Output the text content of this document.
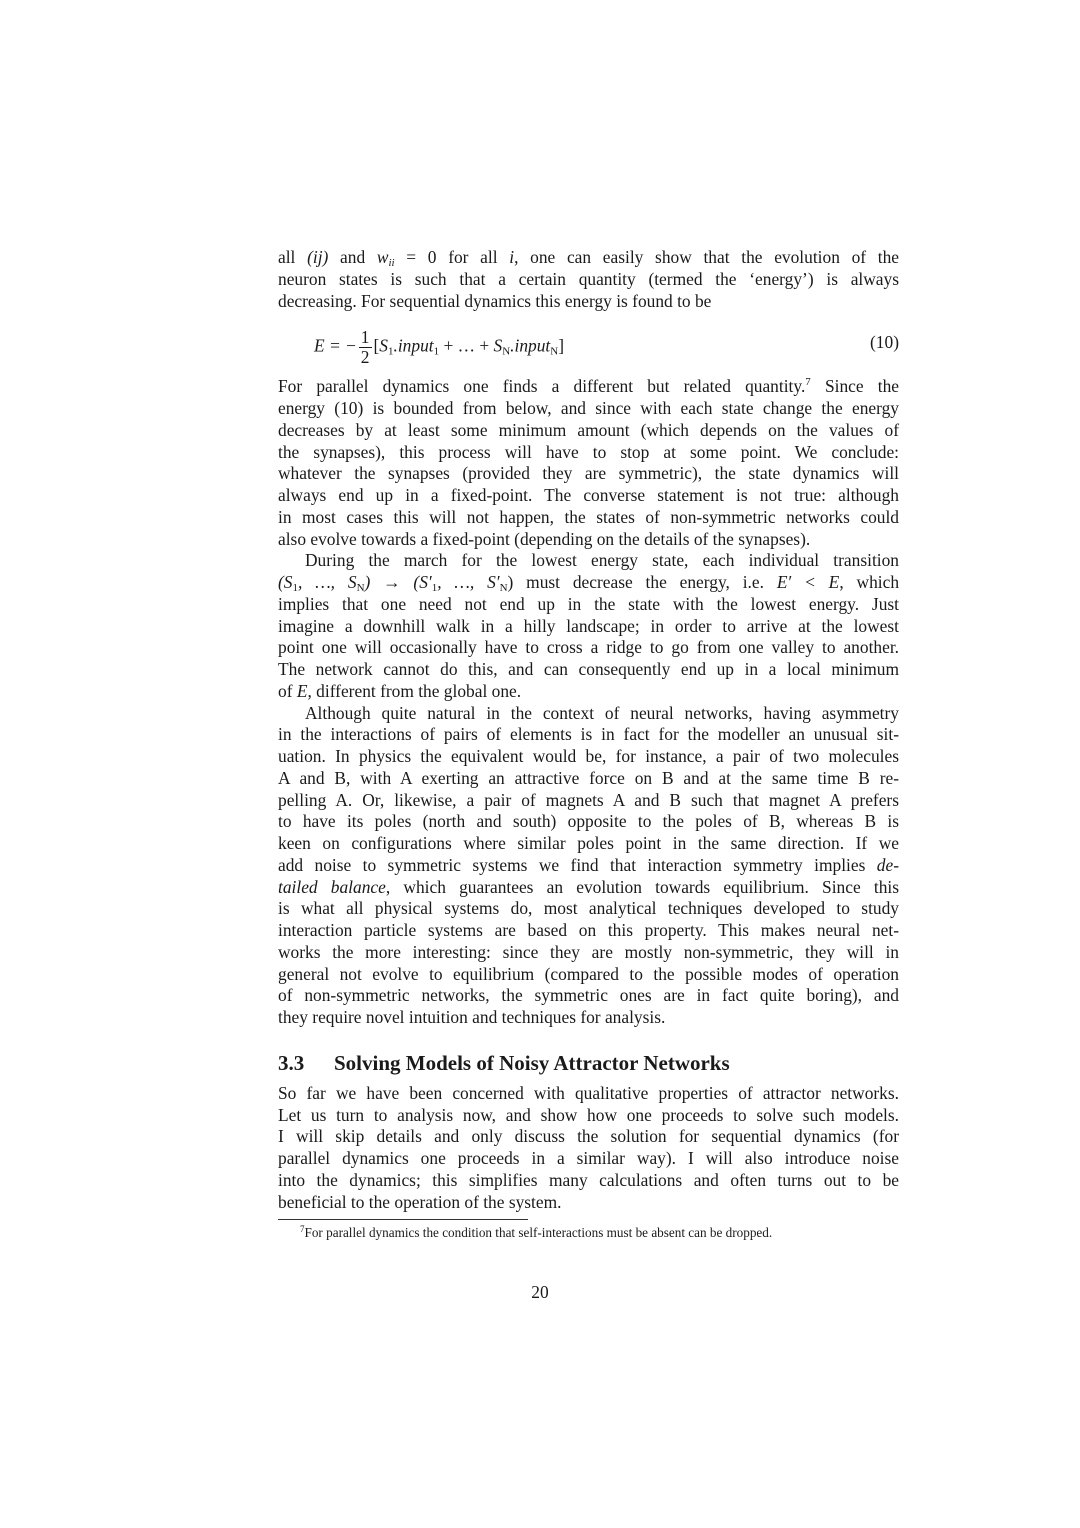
all (ij) and $w_{ii} = 0$ for all i, one can easily show that the evolution of the
neuron states is such that a certain quantity (termed the ‘energy’) is always
decreasing. For sequential dynamics this energy is found to be
E = − $\frac{1}{2}$ [$S_1.input_1$ + … + $S_N.input_N$]	(10)
For parallel dynamics one finds a different but related quantity.$^7$ Since the
energy (10) is bounded from below, and since with each state change the energy
decreases by at least some minimum amount (which depends on the values of
the synapses), this process will have to stop at some point. We conclude:
whatever the synapses (provided they are symmetric), the state dynamics will
always end up in a fixed-point. The converse statement is not true: although
in most cases this will not happen, the states of non-symmetric networks could
also evolve towards a fixed-point (depending on the details of the synapses).
During the march for the lowest energy state, each individual transition
($S_1$, …, $S_N) \to (S'_1$, …, $S'_N$) must decrease the energy, i.e. E′ < E, which
implies that one need not end up in the state with the lowest energy. Just
imagine a downhill walk in a hilly landscape; in order to arrive at the lowest
point one will occasionally have to cross a ridge to go from one valley to another.
The network cannot do this, and can consequently end up in a local minimum
of E, different from the global one.
Although quite natural in the context of neural networks, having asymmetry
in the interactions of pairs of elements is in fact for the modeller an unusual sit-
uation. In physics the equivalent would be, for instance, a pair of two molecules
A and B, with A exerting an attractive force on B and at the same time B re-
pelling A. Or, likewise, a pair of magnets A and B such that magnet A prefers
to have its poles (north and south) opposite to the poles of B, whereas B is
keen on configurations where similar poles point in the same direction. If we
add noise to symmetric systems we find that interaction symmetry implies de-
tailed balance, which guarantees an evolution towards equilibrium. Since this
is what all physical systems do, most analytical techniques developed to study
interaction particle systems are based on this property. This makes neural net-
works the more interesting: since they are mostly non-symmetric, they will in
general not evolve to equilibrium (compared to the possible modes of operation
of non-symmetric networks, the symmetric ones are in fact quite boring), and
they require novel intuition and techniques for analysis.
3.3 Solving Models of Noisy Attractor Networks
So far we have been concerned with qualitative properties of attractor networks.
Let us turn to analysis now, and show how one proceeds to solve such models.
I will skip details and only discuss the solution for sequential dynamics (for
parallel dynamics one proceeds in a similar way). I will also introduce noise
into the dynamics; this simplifies many calculations and often turns out to be
beneficial to the operation of the system.
$^7$For parallel dynamics the condition that self-interactions must be absent can be dropped.
20
